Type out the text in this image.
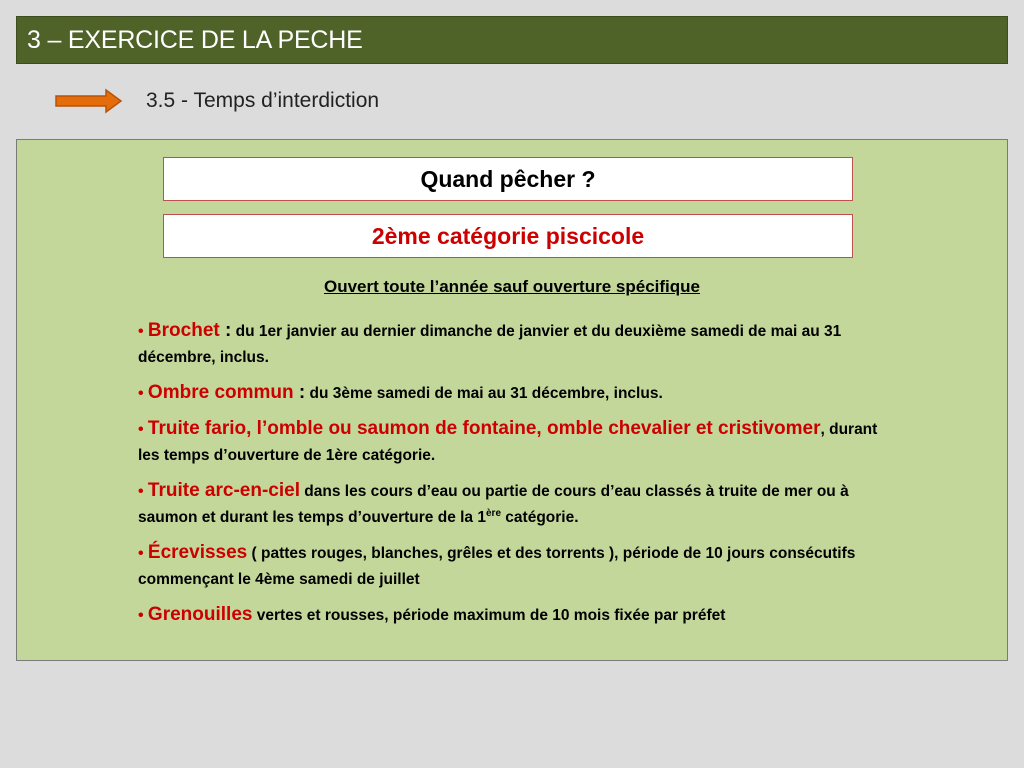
3 – EXERCICE DE LA PECHE
3.5 - Temps d’interdiction
Quand pêcher ?
2ème catégorie piscicole
Ouvert toute l’année sauf ouverture spécifique
• Brochet : du 1er janvier au dernier dimanche de janvier et du deuxième samedi de mai au 31 décembre, inclus.
• Ombre commun : du 3ème samedi de mai au 31 décembre, inclus.
• Truite fario, l’omble ou saumon de fontaine, omble chevalier et cristivomer, durant les temps d’ouverture de 1ère catégorie.
• Truite arc-en-ciel dans les cours d’eau ou partie de cours d’eau classés à truite de mer ou à saumon et durant les temps d’ouverture de la 1ère catégorie.
• Écrevisses ( pattes rouges, blanches, grêles et des torrents ), période de 10 jours consécutifs commençant le 4ème samedi de juillet
• Grenouilles vertes et rousses, période maximum de 10 mois fixée par préfet
